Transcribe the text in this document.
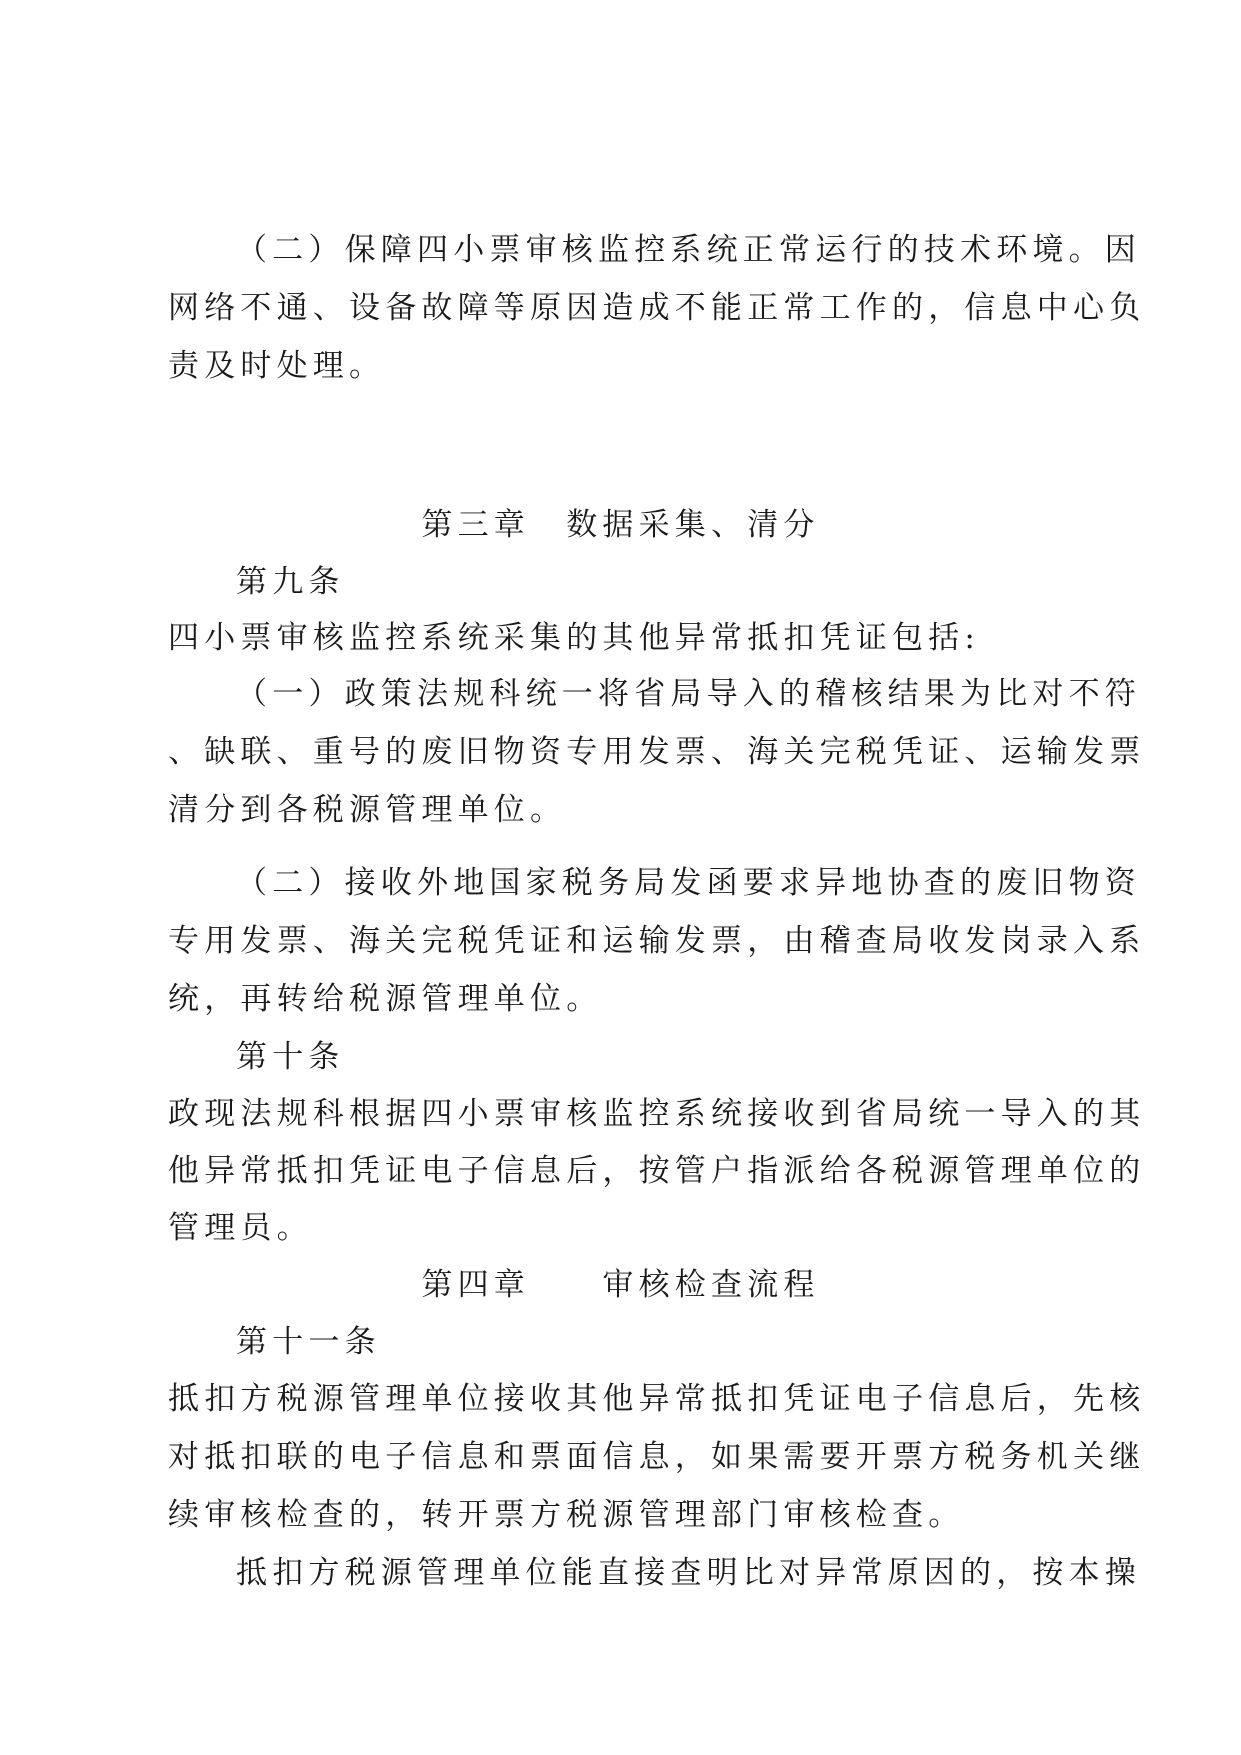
（二）保障四小票审核监控系统正常运行的技术环境。因
网络不通、设备故障等原因造成不能正常工作的，信息中心负
责及时处理。
第三章　数据采集、清分
第九条
四小票审核监控系统采集的其他异常抵扣凭证包括:
（一）政策法规科统一将省局导入的稽核结果为比对不符
、缺联、重号的废旧物资专用发票、海关完税凭证、运输发票
清分到各税源管理单位。
（二）接收外地国家税务局发函要求异地协查的废旧物资
专用发票、海关完税凭证和运输发票，由稽查局收发岗录入系
统，再转给税源管理单位。
第十条
政现法规科根据四小票审核监控系统接收到省局统一导入的其
他异常抵扣凭证电子信息后，按管户指派给各税源管理单位的
管理员。
第四章　　审核检查流程
第十一条
抵扣方税源管理单位接收其他异常抵扣凭证电子信息后，先核
对抵扣联的电子信息和票面信息，如果需要开票方税务机关继
续审核检查的，转开票方税源管理部门审核检查。
抵扣方税源管理单位能直接查明比对异常原因的，按本操
